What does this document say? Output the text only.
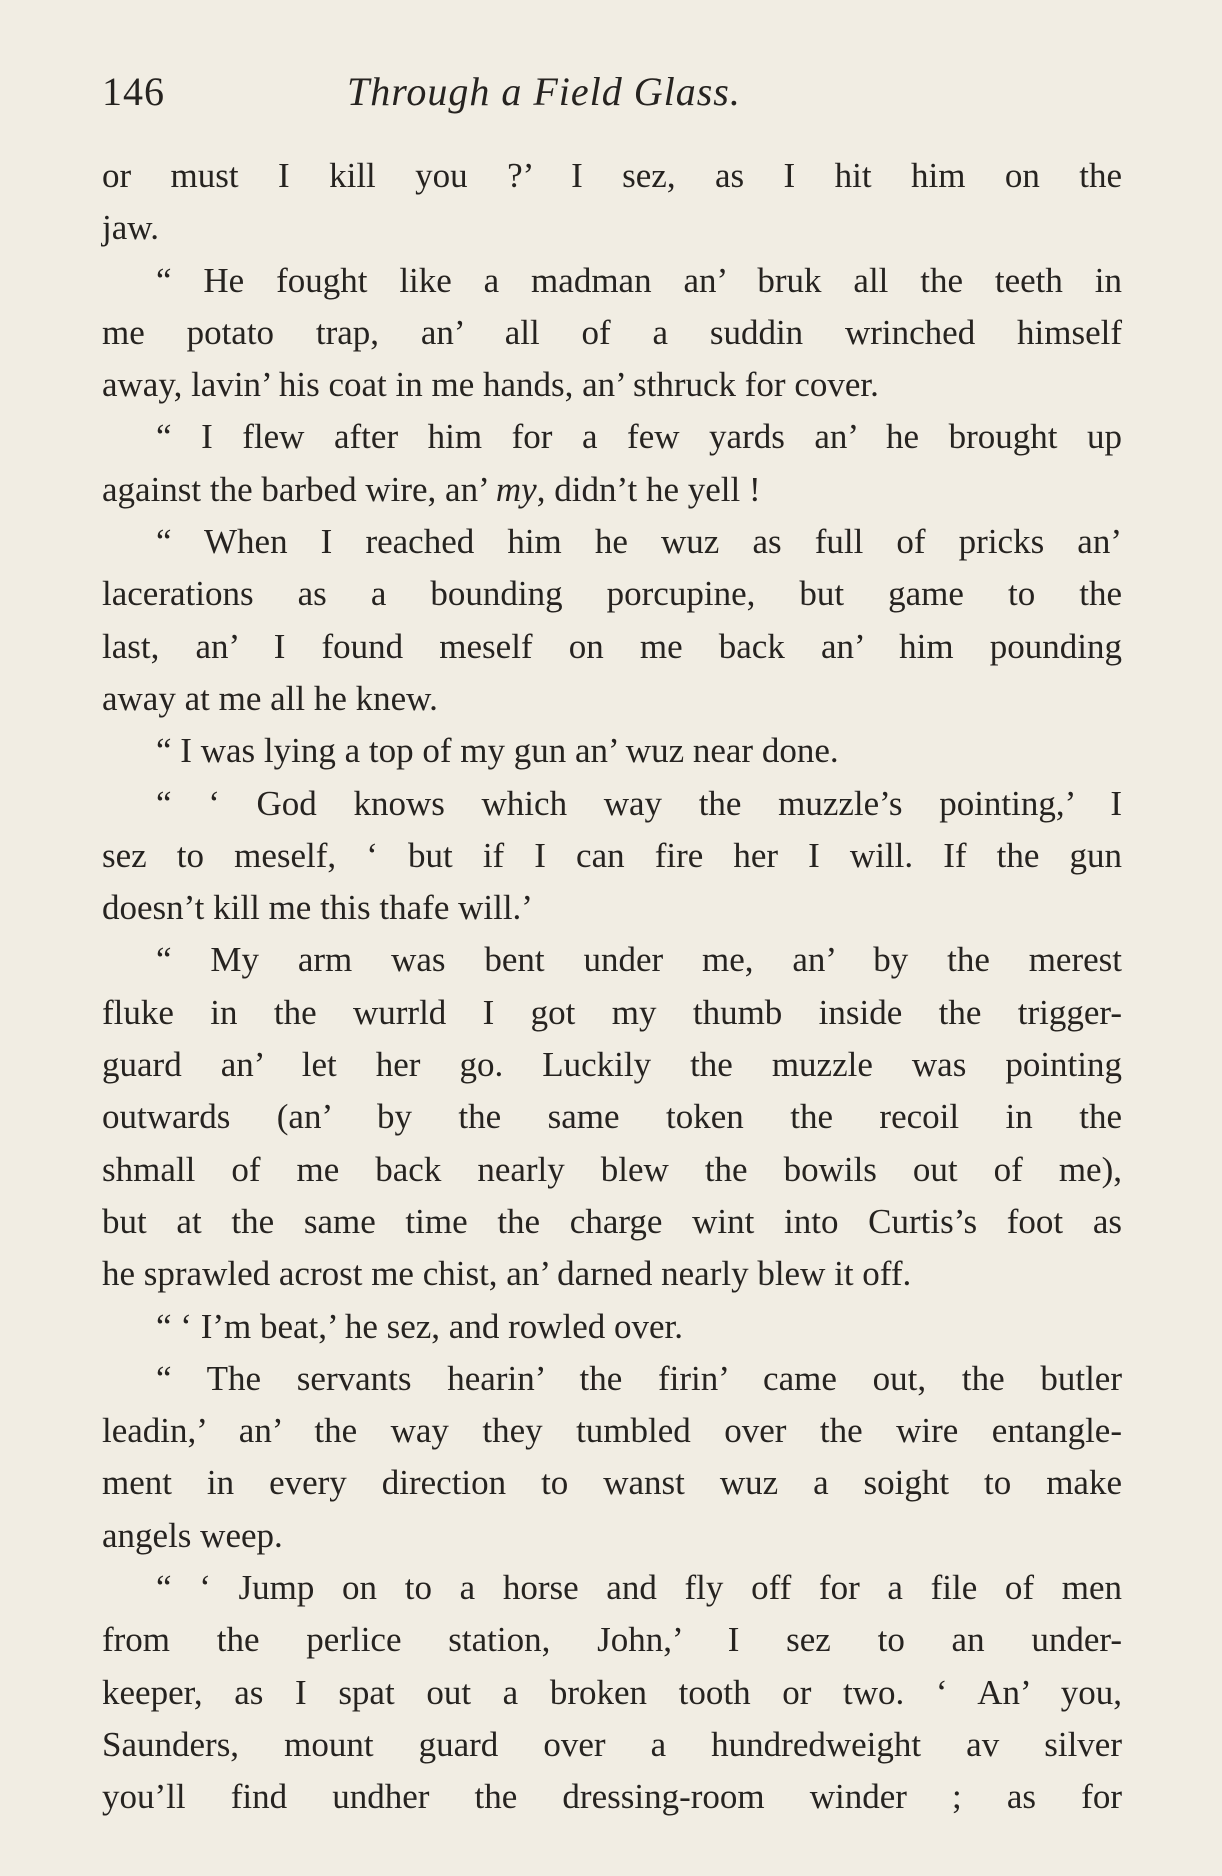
146	Through a Field Glass.
or must I kill you ?’ I sez, as I hit him on the
jaw.
“ He fought like a madman an’ bruk all the teeth in
me potato trap, an’ all of a suddin wrinched himself
away, lavin’ his coat in me hands, an’ sthruck for cover.
“ I flew after him for a few yards an’ he brought up
against the barbed wire, an’ my, didn’t he yell !
“ When I reached him he wuz as full of pricks an’
lacerations as a bounding porcupine, but game to the
last, an’ I found meself on me back an’ him pounding
away at me all he knew.
“ I was lying a top of my gun an’ wuz near done.
“ ‘ God knows which way the muzzle’s pointing,’ I
sez to meself, ‘ but if I can fire her I will. If the gun
doesn’t kill me this thafe will.’
“ My arm was bent under me, an’ by the merest
fluke in the wurrld I got my thumb inside the trigger-
guard an’ let her go. Luckily the muzzle was pointing
outwards (an’ by the same token the recoil in the
shmall of me back nearly blew the bowils out of me),
but at the same time the charge wint into Curtis’s foot as
he sprawled acrost me chist, an’ darned nearly blew it off.
“ ‘ I’m beat,’ he sez, and rowled over.
“ The servants hearin’ the firin’ came out, the butler
leadin,’ an’ the way they tumbled over the wire entangle-
ment in every direction to wanst wuz a soight to make
angels weep.
“ ‘ Jump on to a horse and fly off for a file of men
from the perlice station, John,’ I sez to an under-
keeper, as I spat out a broken tooth or two. ‘ An’ you,
Saunders, mount guard over a hundredweight av silver
you’ll find undher the dressing-room winder ; as for
